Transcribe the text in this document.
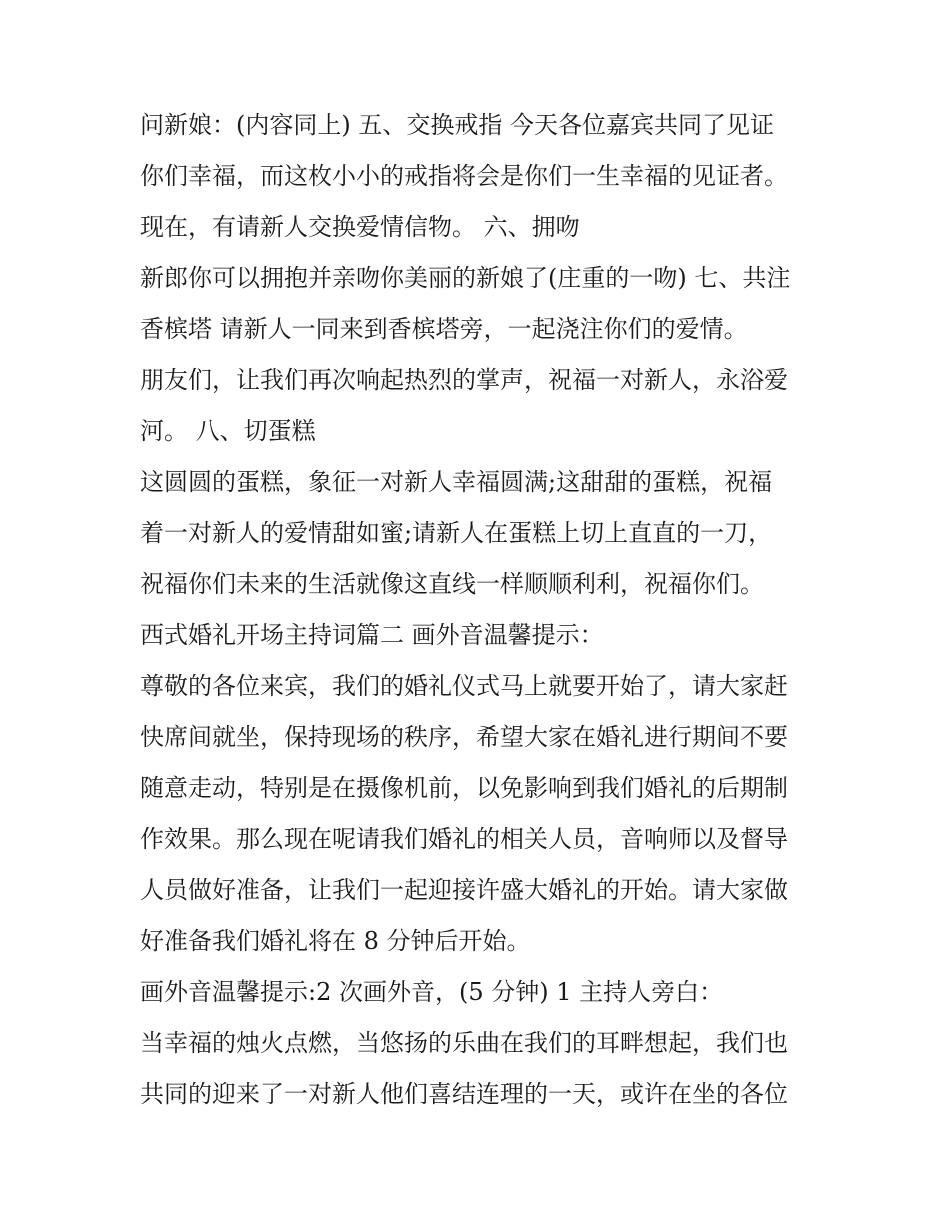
问新娘：(内容同上) 五、交换戒指 今天各位嘉宾共同了见证

你们幸福，而这枚小小的戒指将会是你们一生幸福的见证者。

现在，有请新人交换爱情信物。 六、拥吻

新郎你可以拥抱并亲吻你美丽的新娘了(庄重的一吻) 七、共注

香槟塔 请新人一同来到香槟塔旁，一起浇注你们的爱情。

朋友们，让我们再次响起热烈的掌声，祝福一对新人，永浴爱

河。 八、切蛋糕

这圆圆的蛋糕，象征一对新人幸福圆满;这甜甜的蛋糕，祝福

着一对新人的爱情甜如蜜;请新人在蛋糕上切上直直的一刀，

祝福你们未来的生活就像这直线一样顺顺利利，祝福你们。

西式婚礼开场主持词篇二 画外音温馨提示：

尊敬的各位来宾，我们的婚礼仪式马上就要开始了，请大家赶

快席间就坐，保持现场的秩序，希望大家在婚礼进行期间不要

随意走动，特别是在摄像机前，以免影响到我们婚礼的后期制

作效果。那么现在呢请我们婚礼的相关人员，音响师以及督导

人员做好准备，让我们一起迎接许盛大婚礼的开始。请大家做

好准备我们婚礼将在 8 分钟后开始。

画外音温馨提示:2 次画外音，(5 分钟) 1 主持人旁白：

当幸福的烛火点燃，当悠扬的乐曲在我们的耳畔想起，我们也

共同的迎来了一对新人他们喜结连理的一天，或许在坐的各位
